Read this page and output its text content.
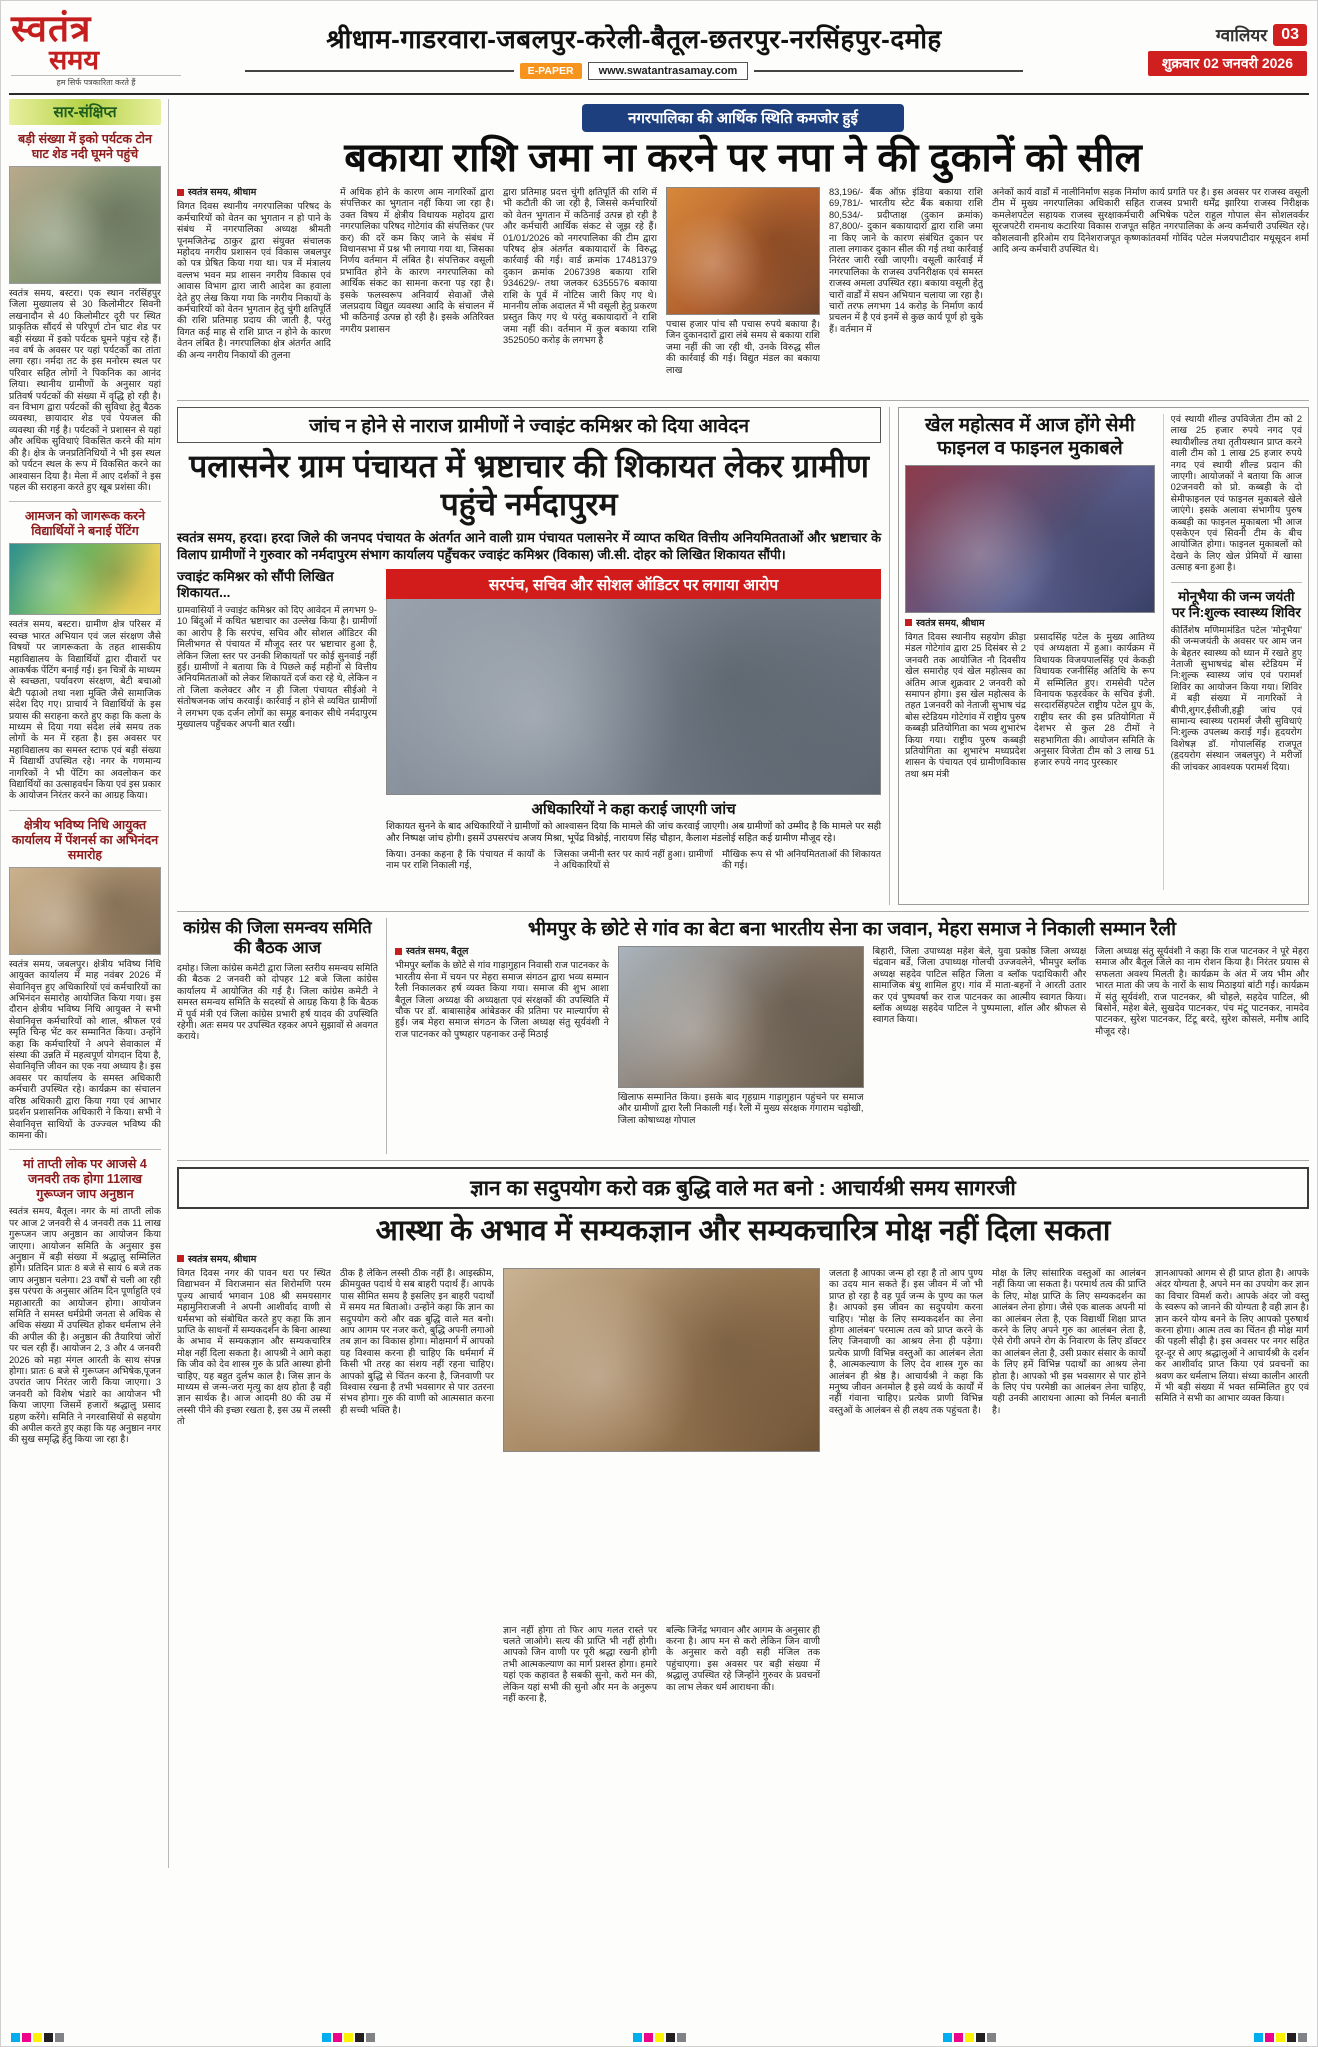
स्वतंत्र
समय
हम सिर्फ पत्रकारिता करते हैं
श्रीधाम-गाडरवारा-जबलपुर-करेली-बैतूल-छतरपुर-नरसिंहपुर-दमोह
E-PAPER	www.swatantrasamay.com
ग्वालियर 03
शुक्रवार 02 जनवरी 2026
सार-संक्षिप्त
बड़ी संख्या में इको पर्यटक टोन घाट शेड नदी घूमने पहुंचे
स्वतंत्र समय, बस्टरा। एक स्थान नरसिंहपुर जिला मुख्यालय से 30 किलोमीटर सिवनी लखनादौन से 40 किलोमीटर दूरी पर स्थित प्राकृतिक सौंदर्य से परिपूर्ण टोन घाट शेड पर बड़ी संख्या में इको पर्यटक घूमने पहुंच रहे हैं। नव वर्ष के अवसर पर यहां पर्यटकों का तांता लगा रहा। नर्मदा तट के इस मनोरम स्थल पर परिवार सहित लोगों ने पिकनिक का आनंद लिया। स्थानीय ग्रामीणों के अनुसार यहां प्रतिवर्ष पर्यटकों की संख्या में वृद्धि हो रही है। वन विभाग द्वारा पर्यटकों की सुविधा हेतु बैठक व्यवस्था, छायादार शेड एवं पेयजल की व्यवस्था की गई है। पर्यटकों ने प्रशासन से यहां और अधिक सुविधाएं विकसित करने की मांग की है। क्षेत्र के जनप्रतिनिधियों ने भी इस स्थल को पर्यटन स्थल के रूप में विकसित करने का आश्वासन दिया है। मेला में आए दर्शकों ने इस पहल की सराहना करते हुए खूब प्रशंसा की।
आमजन को जागरूक करने विद्यार्थियों ने बनाई पेंटिंग
स्वतंत्र समय, बस्टरा। ग्रामीण क्षेत्र परिसर में स्वच्छ भारत अभियान एवं जल संरक्षण जैसे विषयों पर जागरूकता के तहत शासकीय महाविद्यालय के विद्यार्थियों द्वारा दीवारों पर आकर्षक पेंटिंग बनाई गई। इन चित्रों के माध्यम से स्वच्छता, पर्यावरण संरक्षण, बेटी बचाओ बेटी पढ़ाओ तथा नशा मुक्ति जैसे सामाजिक संदेश दिए गए। प्राचार्य ने विद्यार्थियों के इस प्रयास की सराहना करते हुए कहा कि कला के माध्यम से दिया गया संदेश लंबे समय तक लोगों के मन में रहता है। इस अवसर पर महाविद्यालय का समस्त स्टाफ एवं बड़ी संख्या में विद्यार्थी उपस्थित रहे। नगर के गणमान्य नागरिकों ने भी पेंटिंग का अवलोकन कर विद्यार्थियों का उत्साहवर्धन किया एवं इस प्रकार के आयोजन निरंतर करने का आग्रह किया।
क्षेत्रीय भविष्य निधि आयुक्त कार्यालय में पेंशनर्स का अभिनंदन समारोह
स्वतंत्र समय, जबलपुर। क्षेत्रीय भविष्य निधि आयुक्त कार्यालय में माह नवंबर 2026 में सेवानिवृत्त हुए अधिकारियों एवं कर्मचारियों का अभिनंदन समारोह आयोजित किया गया। इस दौरान क्षेत्रीय भविष्य निधि आयुक्त ने सभी सेवानिवृत्त कर्मचारियों को शाल, श्रीफल एवं स्मृति चिन्ह भेंट कर सम्मानित किया। उन्होंने कहा कि कर्मचारियों ने अपने सेवाकाल में संस्था की उन्नति में महत्वपूर्ण योगदान दिया है, सेवानिवृत्ति जीवन का एक नया अध्याय है। इस अवसर पर कार्यालय के समस्त अधिकारी कर्मचारी उपस्थित रहे। कार्यक्रम का संचालन वरिष्ठ अधिकारी द्वारा किया गया एवं आभार प्रदर्शन प्रशासनिक अधिकारी ने किया। सभी ने सेवानिवृत्त साथियों के उज्ज्वल भविष्य की कामना की।
मां ताप्ती लोक पर आजसे 4 जनवरी तक होगा 11लाख गुरूप्जन जाप अनुष्ठान
स्वतंत्र समय, बैतूल। नगर के मां ताप्ती लोक पर आज 2 जनवरी से 4 जनवरी तक 11 लाख गुरूप्जन जाप अनुष्ठान का आयोजन किया जाएगा। आयोजन समिति के अनुसार इस अनुष्ठान में बड़ी संख्या में श्रद्धालु सम्मिलित होंगे। प्रतिदिन प्रातः 8 बजे से सायं 6 बजे तक जाप अनुष्ठान चलेगा। 23 वर्षों से चली आ रही इस परंपरा के अनुसार अंतिम दिन पूर्णाहुति एवं महाआरती का आयोजन होगा। आयोजन समिति ने समस्त धर्मप्रेमी जनता से अधिक से अधिक संख्या में उपस्थित होकर धर्मलाभ लेने की अपील की है। अनुष्ठान की तैयारियां जोरों पर चल रही हैं। आयोजन 2, 3 और 4 जनवरी 2026 को महा मंगल आरती के साथ संपन्न होगा। प्रातः 6 बजे से गुरूप्जन अभिषेक,पूजन उपरांत जाप निरंतर जारी किया जाएगा। 3 जनवरी को विशेष भंडारे का आयोजन भी किया जाएगा जिसमें हजारों श्रद्धालु प्रसाद ग्रहण करेंगे। समिति ने नगरवासियों से सहयोग की अपील करते हुए कहा कि यह अनुष्ठान नगर की सुख समृद्धि हेतु किया जा रहा है।
नगरपालिका की आर्थिक स्थिति कमजोर हुई
बकाया राशि जमा ना करने पर नपा ने की दुकानें को सील
स्वतंत्र समय, श्रीधाम
विगत दिवस स्थानीय नगरपालिका परिषद के कर्मचारियों को वेतन का भुगतान न हो पाने के संबंध में नगरपालिका अध्यक्ष श्रीमती पूनमजितेन्द्र ठाकुर द्वारा संयुक्त संचालक महोदय नगरीय प्रशासन एवं विकास जबलपुर को पत्र प्रेषित किया गया था। पत्र में मंत्रालय वल्लभ भवन मप्र शासन नगरीय विकास एवं आवास विभाग द्वारा जारी आदेश का हवाला देते हुए लेख किया गया कि नगरीय निकायों के कर्मचारियों को वेतन भुगतान हेतु चुंगी क्षतिपूर्ति की राशि प्रतिमाह प्रदाय की जाती है, परंतु विगत कई माह से राशि प्राप्त न होने के कारण वेतन लंबित है। नगरपालिका क्षेत्र अंतर्गत आदि की अन्य नगरीय निकायों की तुलना
में अधिक होने के कारण आम नागरिकों द्वारा संपत्तिकर का भुगतान नहीं किया जा रहा है। उक्त विषय में क्षेत्रीय विधायक महोदय द्वारा नगरपालिका परिषद गोटेगांव की संपत्तिकर (पर कर) की दरें कम किए जाने के संबंध में विधानसभा में प्रश्न भी लगाया गया था, जिसका निर्णय वर्तमान में लंबित है। संपत्तिकर वसूली प्रभावित होने के कारण नगरपालिका को आर्थिक संकट का सामना करना पड़ रहा है। इसके फलस्वरूप अनिवार्य सेवाओं जैसे जलप्रदाय विद्युत व्यवस्था आदि के संचालन में भी कठिनाई उत्पन्न हो रही है। इसके अतिरिक्त नगरीय प्रशासन
द्वारा प्रतिमाह प्रदत्त चुंगी क्षतिपूर्ति की राशि में भी कटौती की जा रही है, जिससे कर्मचारियों को वेतन भुगतान में कठिनाई उत्पन्न हो रही है और कर्मचारी आर्थिक संकट से जूझ रहे हैं। 01/01/2026 को नगरपालिका की टीम द्वारा परिषद क्षेत्र अंतर्गत बकायादारों के विरुद्ध कार्रवाई की गई। वार्ड क्रमांक 17481379 दुकान क्रमांक 2067398 बकाया राशि 934629/- तथा जलकर 6355576 बकाया राशि के पूर्व में नोटिस जारी किए गए थे। माननीय लोक अदालत में भी वसूली हेतु प्रकरण प्रस्तुत किए गए थे परंतु बकायादारों ने राशि जमा नहीं की। वर्तमान में कुल बकाया राशि 3525050 करोड़ के लगभग है
पचास हजार पांच सौ पचास रुपये बकाया है। जिन दुकानदारों द्वारा लंबे समय से बकाया राशि जमा नहीं की जा रही थी, उनके विरुद्ध सील की कार्रवाई की गई। विद्युत मंडल का बकाया लाख
83,196/- बैंक ऑफ़ इंडिया बकाया राशि 69,781/- भारतीय स्टेट बैंक बकाया राशि 80,534/- प्रदीप्ताक्ष (दुकान क्रमांक) 87,800/- दुकान बकायादारों द्वारा राशि जमा ना किए जाने के कारण संबंधित दुकान पर ताला लगाकर दुकान सील की गई तथा कार्रवाई निरंतर जारी रखी जाएगी। वसूली कार्रवाई में नगरपालिका के राजस्व उपनिरीक्षक एवं समस्त राजस्व अमला उपस्थित रहा। बकाया वसूली हेतु चारों वार्डों में सघन अभियान चलाया जा रहा है। चारों तरफ लगभग 14 करोड़ के निर्माण कार्य प्रचलन में है एवं इनमें से कुछ कार्य पूर्ण हो चुके हैं। वर्तमान में
अनेकों कार्य वार्डों में नालीनिर्माण सड़क निर्माण कार्य प्रगति पर है। इस अवसर पर राजस्व वसूली टीम में मुख्य नगरपालिका अधिकारी सहित राजस्व प्रभारी धर्मेंद्र झारिया राजस्व निरीक्षक कमलेशपटेल सहायक राजस्व सुरक्षाकर्मचारी अभिषेक पटेल राहुल गोपाल सेन सोशलवर्कर सूरजपटेरी रामनाथ कटारिया विकास राजपूत सहित नगरपालिका के अन्य कर्मचारी उपस्थित रहे। कौशलवानी हरिओम राय दिनेशराजपूत कृष्णकांतवर्मा गोविंद पटेल मंजयपाटीदार मधूसूदन शर्मा आदि अन्य कर्मचारी उपस्थित थे।
जांच न होने से नाराज ग्रामीणों ने ज्वाइंट कमिश्नर को दिया आवेदन
पलासनेर ग्राम पंचायत में भ्रष्टाचार की शिकायत लेकर ग्रामीण पहुंचे नर्मदापुरम

स्वतंत्र समय, हरदा। हरदा जिले की जनपद पंचायत के अंतर्गत आने वाली ग्राम पंचायत पलासनेर में व्याप्त कथित वित्तीय अनियमितताओं और भ्रष्टाचार के विलाप ग्रामीणों ने गुरुवार को नर्मदापुरम संभाग कार्यालय पहुँचकर ज्वाइंट कमिश्नर (विकास) जी.सी. दोहर को लिखित शिकायत सौंपी।

ज्वाइंट कमिश्नर को सौंपी लिखित शिकायत...
ग्रामवासियों ने ज्वाइंट कमिश्नर को दिए आवेदन में लगभग 9-10 बिंदुओं में कथित भ्रष्टाचार का उल्लेख किया है। ग्रामीणों का आरोप है कि सरपंच, सचिव और सोशल ऑडिटर की मिलीभगत से पंचायत में मौजूद स्तर पर भ्रष्टाचार हुआ है, लेकिन जिला स्तर पर उनकी शिकायतों पर कोई सुनवाई नहीं हुई। ग्रामीणों ने बताया कि वे पिछले कई महीनों से वित्तीय अनियमितताओं को लेकर शिकायतें दर्ज करा रहे थे, लेकिन न तो जिला कलेक्टर और न ही जिला पंचायत सीईओ ने संतोषजनक जांच करवाई। कार्रवाई न होने से व्यथित ग्रामीणों ने लगभग एक दर्जन लोगों का समूह बनाकर सीधे नर्मदापुरम मुख्यालय पहुँचकर अपनी बात रखी।
सरपंच, सचिव और सोशल ऑडिटर पर लगाया आरोप
अधिकारियों ने कहा कराई जाएगी जांच
शिकायत सुनने के बाद अधिकारियों ने ग्रामीणों को आश्वासन दिया कि मामले की जांच करवाई जाएगी। अब ग्रामीणों को उम्मीद है कि मामले पर सही और निष्पक्ष जांच होगी। इसमें उपसरपंच अजय मिश्रा, भूपेंद्र विश्नोई, नारायण सिंह चौहान, कैलाश मंडलोई सहित कई ग्रामीण मौजूद रहे।
किया। उनका कहना है कि पंचायत में कार्यों के नाम पर राशि निकाली गई,
जिसका जमीनी स्तर पर कार्य नहीं हुआ। ग्रामीणों ने अधिकारियों से
मौखिक रूप से भी अनियमितताओं की शिकायत की गई।
खेल महोत्सव में आज होंगे सेमी फाइनल व फाइनल मुकाबले
स्वतंत्र समय, श्रीधाम
विगत दिवस स्थानीय सहयोग क्रीड़ा मंडल गोटेगांव द्वारा 25 दिसंबर से 2 जनवरी तक आयोजित नौ दिवसीय खेल समारोह एवं खेल महोत्सव का अंतिम आज शुक्रवार 2 जनवरी को समापन होगा। इस खेल महोत्सव के तहत 1जनवरी को नेताजी सुभाष चंद्र बोस स्टेडियम गोटेगांव में राष्ट्रीय पुरुष कब्बड़ी प्रतियोगिता का भव्य शुभारंभ किया गया। राष्ट्रीय पुरुष कब्बड़ी प्रतियोगिता का शुभारंभ मध्यप्रदेश शासन के पंचायत एवं ग्रामीणविकास तथा श्रम मंत्री
प्रसादसिंह पटेल के मुख्य आतिथ्य एवं अध्यक्षता में हुआ। कार्यक्रम में विधायक विजयपालसिंह एवं केकड़ी विधायक रजनीसिंह अतिथि के रूप में सम्मिलित हुए। रामसेवी पटेल विनायक फड़रवेकर के सचिव इंजी. सरदारसिंहपटेल राष्ट्रीय पटेल ग्रुप के, राष्ट्रीय स्तर की इस प्रतियोगिता में देशभर से कुल 28 टीमों ने सहभागिता की। आयोजन समिति के अनुसार विजेता टीम को 3 लाख 51 हजार रुपये नगद पुरस्कार
एवं स्थायी शील्ड उपविजेता टीम को 2 लाख 25 हजार रुपये नगद एवं स्थायीशील्ड तथा तृतीयस्थान प्राप्त करने वाली टीम को 1 लाख 25 हजार रुपये नगद एवं स्थायी शील्ड प्रदान की जाएगी। आयोजकों ने बताया कि आज 02जनवरी को प्रो. कब्बड़ी के दो सेमीफाइनल एवं फाइनल मुकाबले खेले जाएंगे। इसके अलावा संभागीय पुरुष कब्बड़ी का फाइनल मुकाबला भी आज एसकेएन एवं सिवनी टीम के बीच आयोजित होगा। फाइनल मुकाबलों को देखने के लिए खेल प्रेमियों में खासा उत्साह बना हुआ है।
मोनूभैया की जन्म जयंती पर नि:शुल्क स्वास्थ्य शिविर
कीर्तिशेष मणिमामंडित पटेल 'मोनूभैया' की जन्मजयंती के अवसर पर आम जन के बेहतर स्वास्थ्य को ध्यान में रखते हुए नेताजी सुभाषचंद्र बोस स्टेडियम में नि:शुल्क स्वास्थ्य जांच एवं परामर्श शिविर का आयोजन किया गया। शिविर में बड़ी संख्या में नागरिकों ने बीपी,शुगर,ईसीजी,हड्डी जांच एवं सामान्य स्वास्थ्य परामर्श जैसी सुविधाएं नि:शुल्क उपलब्ध कराई गईं। हृदयरोग विशेषज्ञ डॉ. गोपालसिंह राजपूत (हृदयरोग संस्थान जबलपुर) ने मरीजों की जांचकर आवश्यक परामर्श दिया।
कांग्रेस की जिला समन्वय समिति की बैठक आज
दमोह। जिला कांग्रेस कमेटी द्वारा जिला स्तरीय समन्वय समिति की बैठक 2 जनवरी को दोपहर 12 बजे जिला कांग्रेस कार्यालय में आयोजित की गई है। जिला कांग्रेस कमेटी ने समस्त समन्वय समिति के सदस्यों से आग्रह किया है कि बैठक में पूर्व मंत्री एवं जिला कांग्रेस प्रभारी हर्ष यादव की उपस्थिति रहेगी। अतः समय पर उपस्थित रहकर अपने सुझावों से अवगत कराये।
भीमपुर के छोटे से गांव का बेटा बना भारतीय सेना का जवान, मेहरा समाज ने निकाली सम्मान रैली
स्वतंत्र समय, बैतूल
भीमपुर ब्लॉक के छोटे से गांव गाड़ागुहान निवासी राज पाटनकर के भारतीय सेना में चयन पर मेहरा समाज संगठन द्वारा भव्य सम्मान रैली निकालकर हर्ष व्यक्त किया गया। समाज की शुभ आशा बैतूल जिला अध्यक्ष की अध्यक्षता एवं संरक्षकों की उपस्थिति में चौक पर डॉ. बाबासाहेब आंबेडकर की प्रतिमा पर माल्यार्पण से हुई। जब मेहरा समाज संगठन के जिला अध्यक्ष संतु सूर्यवंशी ने राज पाटनकर को पुष्पहार पहनाकर उन्हें मिठाई
खिलाफ सम्मानित किया। इसके बाद गृहग्राम गाड़ागुहान पहुंचने पर समाज और ग्रामीणों द्वारा रैली निकाली गई। रैली में मुख्य संरक्षक गंगाराम चढ़ोखी, जिला कोषाध्यक्ष गोपाल
बिहारी, जिला उपाध्यक्ष महेश बेले, युवा प्रकोष्ठ जिला अध्यक्ष चंद्रवान बर्डे, जिला उपाध्यक्ष गोलची उज्जवलेने, भीमपुर ब्लॉक अध्यक्ष सहदेव पाटिल सहित जिला व ब्लॉक पदाधिकारी और सामाजिक बंधु शामिल हुए। गांव में माता-बहनों ने आरती उतार कर एवं पुष्पवर्षा कर राज पाटनकर का आत्मीय स्वागत किया। ब्लॉक अध्यक्ष सहदेव पाटिल ने पुष्पमाला, शॉल और श्रीफल से स्वागत किया।
जिला अध्यक्ष संतु सूर्यवंशी ने कहा कि राज पाटनकर ने पूरे मेहरा समाज और बैतूल जिले का नाम रोशन किया है। निरंतर प्रयास से सफलता अवश्य मिलती है। कार्यक्रम के अंत में जय भीम और भारत माता की जय के नारों के साथ मिठाइयां बांटी गईं। कार्यक्रम में संतु सूर्यवंशी, राज पाटनकर, श्री चोहले, सहदेव पाटिल, श्री बिसोने, महेश बेले, सुखदेव पाटनकर, पंच मंटू पाटनकर, नामदेव पाटनकर, सुरेश पाटनकर, टिंटू बरदे, सुरेश कोसले, मनीष आदि मौजूद रहे।
ज्ञान का सदुपयोग करो वक्र बुद्धि वाले मत बनो : आचार्यश्री समय सागरजी
आस्था के अभाव में सम्यकज्ञान और सम्यकचारित्र मोक्ष नहीं दिला सकता
स्वतंत्र समय, श्रीधाम
विगत दिवस नगर की पावन धरा पर स्थित विद्याभवन में विराजमान संत शिरोमणि परम पूज्य आचार्य भगवान 108 श्री समयसागर महामुनिराजजी ने अपनी आशीर्वाद वाणी से धर्मसभा को संबोधित करते हुए कहा कि ज्ञान प्राप्ति के साधनों में सम्यकदर्शन के बिना आस्था के अभाव में सम्यकज्ञान और सम्यकचारित्र मोक्ष नहीं दिला सकता है। आपश्री ने आगे कहा कि जीव को देव शास्त्र गुरु के प्रति आस्था होनी चाहिए, यह बहुत दुर्लभ काल है। जिस ज्ञान के माध्यम से जन्म-जरा मृत्यु का क्षय होता है वही ज्ञान सार्थक है। आज आदमी 80 की उम्र में लस्सी पीने की इच्छा रखता है, इस उम्र में लस्सी तो
ठीक है लेकिन लस्सी ठीक नहीं है। आइस्क्रीम, क्रीमयुक्त पदार्थ ये सब बाहरी पदार्थ हैं। आपके पास सीमित समय है इसलिए इन बाहरी पदार्थों में समय मत बिताओ। उन्होंने कहा कि ज्ञान का सदुपयोग करो और वक्र बुद्धि वाले मत बनो। आप आगम पर नजर करो, बुद्धि अपनी लगाओ तब ज्ञान का विकास होगा। मोक्षमार्ग में आपको यह विश्वास करना ही चाहिए कि धर्ममार्ग में किसी भी तरह का संशय नहीं रहना चाहिए। आपको बुद्धि से चिंतन करना है, जिनवाणी पर विश्वास रखना है तभी भवसागर से पार उतरना संभव होगा। गुरु की वाणी को आत्मसात करना ही सच्ची भक्ति है।
ज्ञान नहीं होगा तो फिर आप गलत रास्ते पर चलते जाओगे। सत्य की प्राप्ति भी नहीं होगी। आपको जिन वाणी पर पूरी श्रद्धा रखनी होगी तभी आत्मकल्याण का मार्ग प्रशस्त होगा। हमारे यहां एक कहावत है सबकी सुनो, करो मन की, लेकिन यहां सभी की सुनो और मन के अनुरूप नहीं करना है,
बल्कि जिनेंद्र भगवान और आगम के अनुसार ही करना है। आप मन से करो लेकिन जिन वाणी के अनुसार करो वही सही मंजिल तक पहुंचाएगा। इस अवसर पर बड़ी संख्या में श्रद्धालु उपस्थित रहे जिन्होंने गुरुवर के प्रवचनों का लाभ लेकर धर्म आराधना की।
जलता है आपका जन्म हो रहा है तो आप पुण्य का उदय मान सकते हैं। इस जीवन में जो भी प्राप्त हो रहा है वह पूर्व जन्म के पुण्य का फल है। आपको इस जीवन का सदुपयोग करना चाहिए। 'मोक्ष के लिए सम्यकदर्शन का लेना होगा आलंबन' परमात्म तत्व को प्राप्त करने के लिए जिनवाणी का आश्रय लेना ही पड़ेगा। प्रत्येक प्राणी विभिन्न वस्तुओं का आलंबन लेता है, आत्मकल्याण के लिए देव शास्त्र गुरु का आलंबन ही श्रेष्ठ है। आचार्यश्री ने कहा कि मनुष्य जीवन अनमोल है इसे व्यर्थ के कार्यों में नहीं गंवाना चाहिए। प्रत्येक प्राणी विभिन्न वस्तुओं के आलंबन से ही लक्ष्य तक पहुंचता है।
मोक्ष के लिए सांसारिक वस्तुओं का आलंबन नहीं किया जा सकता है। परमार्थ तत्व की प्राप्ति के लिए, मोक्ष प्राप्ति के लिए सम्यकदर्शन का आलंबन लेना होगा। जैसे एक बालक अपनी मां का आलंबन लेता है, एक विद्यार्थी शिक्षा प्राप्त करने के लिए अपने गुरु का आलंबन लेता है, ऐसे रोगी अपने रोग के निवारण के लिए डॉक्टर का आलंबन लेता है, उसी प्रकार संसार के कार्यों के लिए हमें विभिन्न पदार्थों का आश्रय लेना होता है। आपको भी इस भवसागर से पार होने के लिए पंच परमेष्ठी का आलंबन लेना चाहिए, यही उनकी आराधना आत्मा को निर्मल बनाती है।
ज्ञानआपको आगम से ही प्राप्त होता है। आपके अंदर योग्यता है, अपने मन का उपयोग कर ज्ञान का विचार विमर्श करो। आपके अंदर जो वस्तु के स्वरूप को जानने की योग्यता है वही ज्ञान है। ज्ञान करने योग्य बनने के लिए आपको पुरुषार्थ करना होगा। आत्म तत्व का चिंतन ही मोक्ष मार्ग की पहली सीढ़ी है। इस अवसर पर नगर सहित दूर-दूर से आए श्रद्धालुओं ने आचार्यश्री के दर्शन कर आशीर्वाद प्राप्त किया एवं प्रवचनों का श्रवण कर धर्मलाभ लिया। संध्या कालीन आरती में भी बड़ी संख्या में भक्त सम्मिलित हुए एवं समिति ने सभी का आभार व्यक्त किया।
